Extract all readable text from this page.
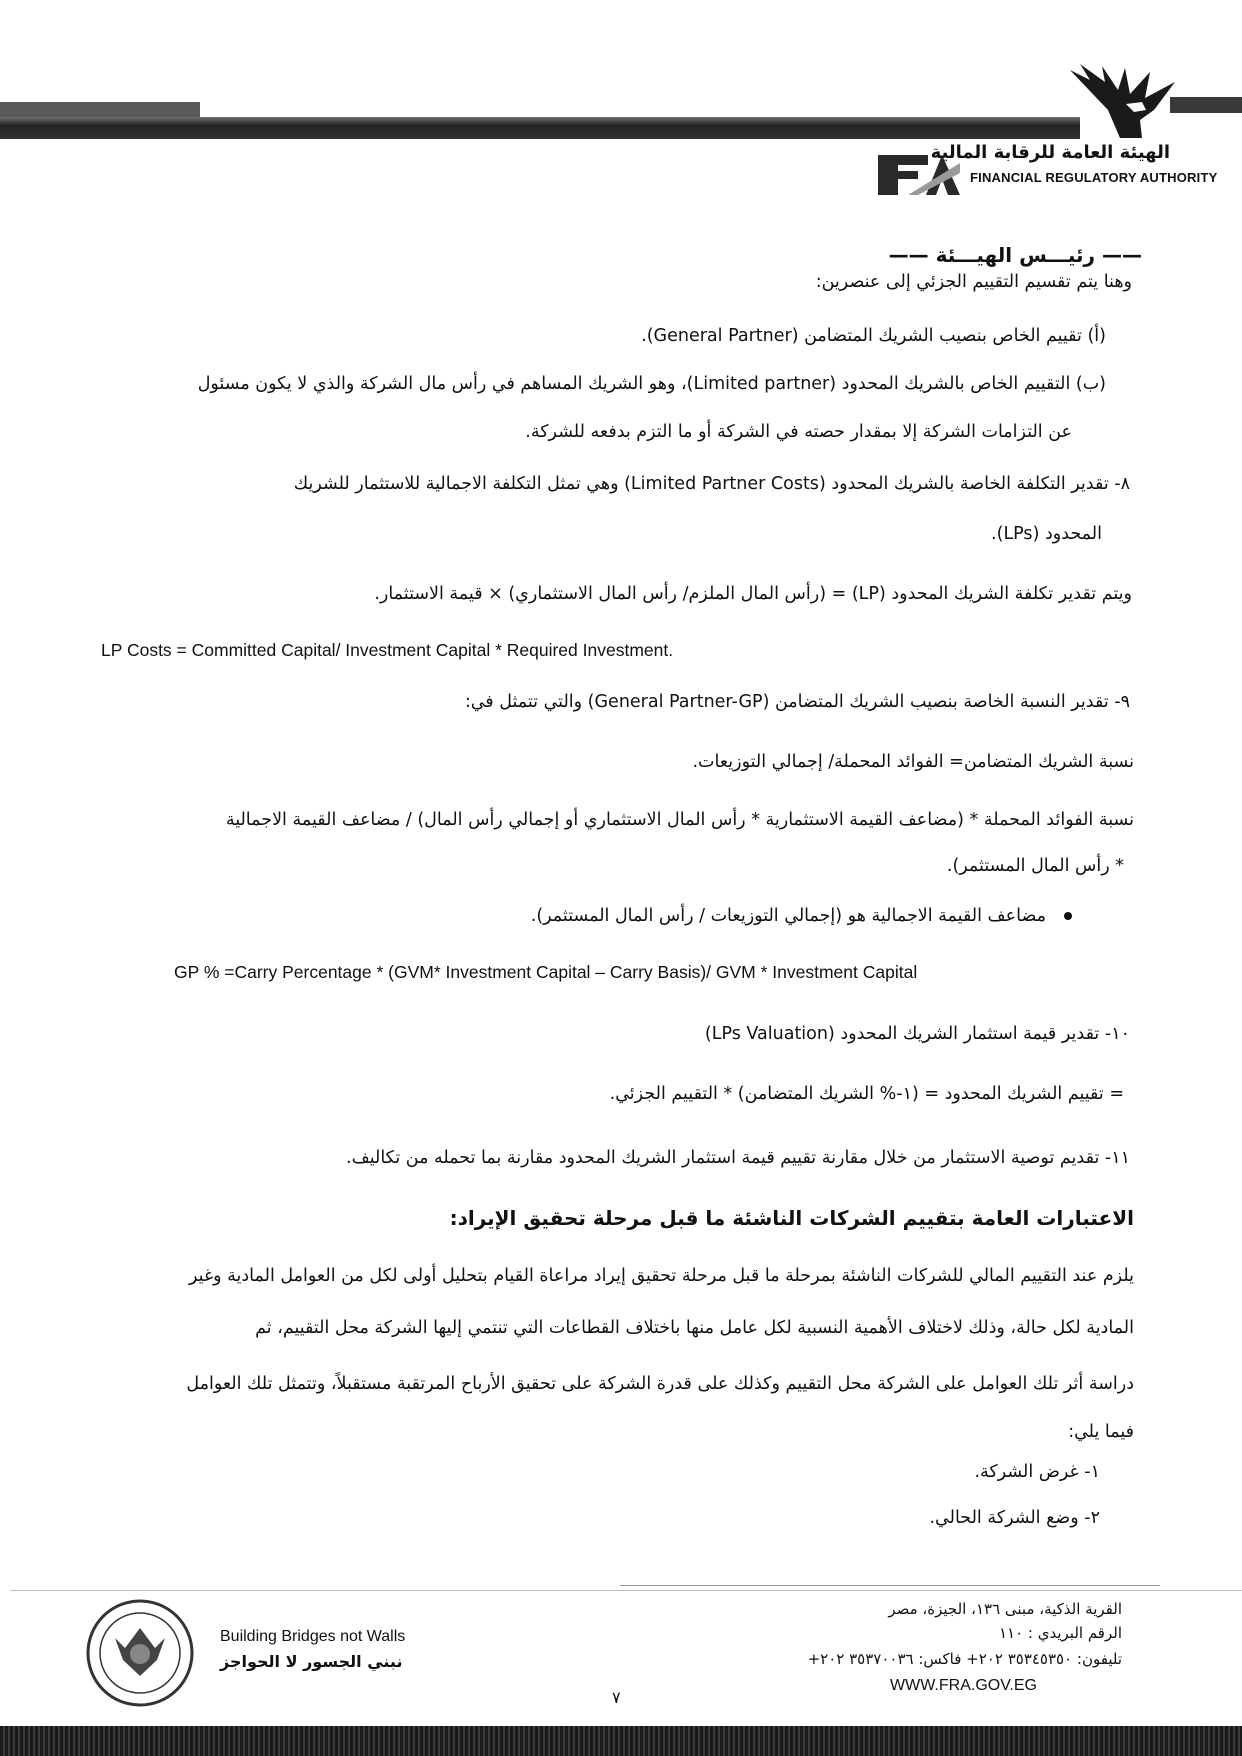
الهيئة العامة للرقابة المالية
FINANCIAL REGULATORY AUTHORITY
—— رئيـــس الهيـــئة ——
وهنا يتم تقسيم التقييم الجزئي إلى عنصرين:
(أ) تقييم الخاص بنصيب الشريك المتضامن (General Partner).
(ب) التقييم الخاص بالشريك المحدود (Limited partner)، وهو الشريك المساهم في رأس مال الشركة والذي لا يكون مسئول
عن التزامات الشركة إلا بمقدار حصته في الشركة أو ما التزم بدفعه للشركة.
٨- تقدير التكلفة الخاصة بالشريك المحدود (Limited Partner Costs) وهي تمثل التكلفة الاجمالية للاستثمار للشريك
المحدود (LPs).
ويتم تقدير تكلفة الشريك المحدود (LP) = (رأس المال الملزم/ رأس المال الاستثماري) × قيمة الاستثمار.
LP Costs = Committed Capital/ Investment Capital * Required Investment.
٩- تقدير النسبة الخاصة بنصيب الشريك المتضامن (General Partner-GP) والتي تتمثل في:
نسبة الشريك المتضامن= الفوائد المحملة/ إجمالي التوزيعات.
نسبة الفوائد المحملة * (مضاعف القيمة الاستثمارية * رأس المال الاستثماري أو إجمالي رأس المال) / مضاعف القيمة الاجمالية
* رأس المال المستثمر).
مضاعف القيمة الاجمالية هو (إجمالي التوزيعات / رأس المال المستثمر).
GP % =Carry Percentage * (GVM* Investment Capital – Carry Basis)/ GVM * Investment Capital
١٠- تقدير قيمة استثمار الشريك المحدود (LPs Valuation)
= تقييم الشريك المحدود = (١-% الشريك المتضامن) * التقييم الجزئي.
١١- تقديم توصية الاستثمار من خلال مقارنة تقييم قيمة استثمار الشريك المحدود مقارنة بما تحمله من تكاليف.
الاعتبارات العامة بتقييم الشركات الناشئة ما قبل مرحلة تحقيق الإيراد:
يلزم عند التقييم المالي للشركات الناشئة بمرحلة ما قبل مرحلة تحقيق إيراد مراعاة القيام بتحليل أولى لكل من العوامل المادية وغير
المادية لكل حالة، وذلك لاختلاف الأهمية النسبية لكل عامل منها باختلاف القطاعات التي تنتمي إليها الشركة محل التقييم، ثم
دراسة أثر تلك العوامل على الشركة محل التقييم وكذلك على قدرة الشركة على تحقيق الأرباح المرتقبة مستقبلاً، وتتمثل تلك العوامل
فيما يلي:
١- غرض الشركة.
٢- وضع الشركة الحالي.
Building Bridges not Walls
نبني الجسور لا الحواجز
القرية الذكية، مبنى ١٣٦، الجيزة، مصر
الرقم البريدي : ١١٠
تليفون: ٣٥٣٤٥٣٥٠ ٢٠٢+ فاكس: ٣٥٣٧٠٠٣٦ ٢٠٢+
WWW.FRA.GOV.EG
٧
